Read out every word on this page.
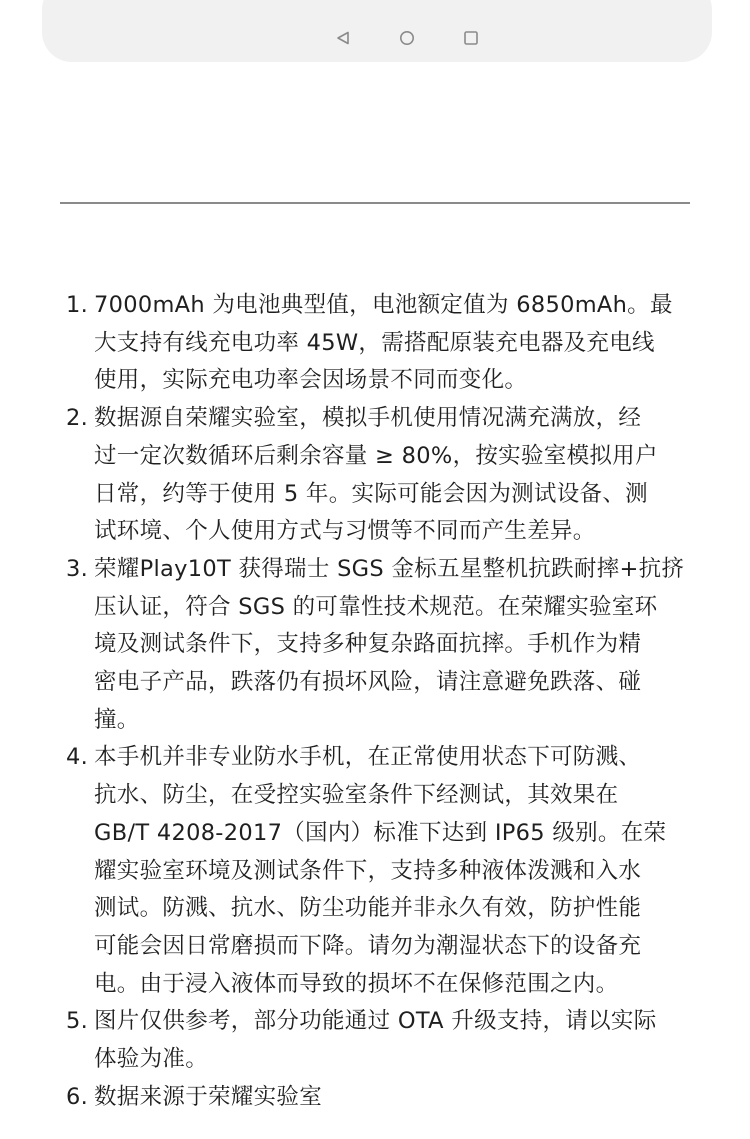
1. 7000mAh 为电池典型值，电池额定值为 6850mAh。最
大支持有线充电功率 45W，需搭配原装充电器及充电线
使用，实际充电功率会因场景不同而变化。
2. 数据源自荣耀实验室，模拟手机使用情况满充满放，经
过一定次数循环后剩余容量 ≥ 80%，按实验室模拟用户
日常，约等于使用 5 年。实际可能会因为测试设备、测
试环境、个人使用方式与习惯等不同而产生差异。
3. 荣耀Play10T 获得瑞士 SGS 金标五星整机抗跌耐摔+抗挤
压认证，符合 SGS 的可靠性技术规范。在荣耀实验室环
境及测试条件下，支持多种复杂路面抗摔。手机作为精
密电子产品，跌落仍有损坏风险，请注意避免跌落、碰
撞。
4. 本手机并非专业防水手机，在正常使用状态下可防溅、
抗水、防尘，在受控实验室条件下经测试，其效果在
GB/T 4208-2017（国内）标准下达到 IP65 级别。在荣
耀实验室环境及测试条件下，支持多种液体泼溅和入水
测试。防溅、抗水、防尘功能并非永久有效，防护性能
可能会因日常磨损而下降。请勿为潮湿状态下的设备充
电。由于浸入液体而导致的损坏不在保修范围之内。
5. 图片仅供参考，部分功能通过 OTA 升级支持，请以实际
体验为准。
6. 数据来源于荣耀实验室
